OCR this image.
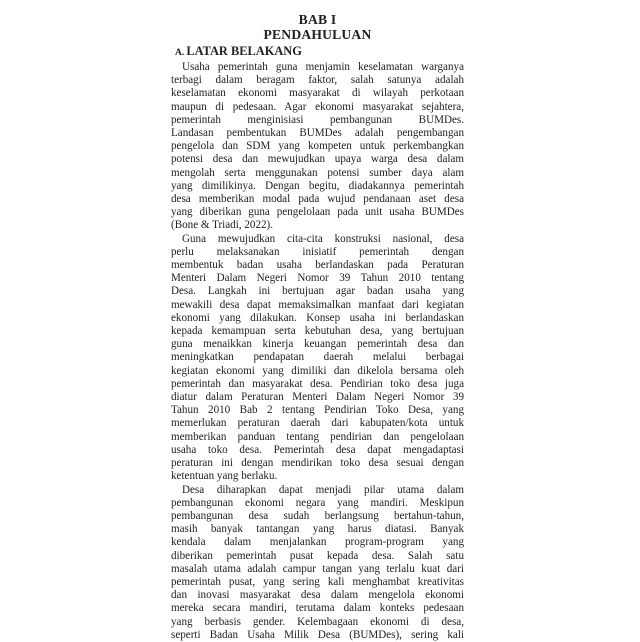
BAB I
PENDAHULUAN
A. LATAR BELAKANG
Usaha pemerintah guna menjamin keselamatan warganya
terbagi dalam beragam faktor, salah satunya adalah
keselamatan ekonomi masyarakat di wilayah perkotaan
maupun di pedesaan. Agar ekonomi masyarakat sejahtera,
pemerintah menginisiasi pembangunan BUMDes.
Landasan pembentukan BUMDes adalah pengembangan
pengelola dan SDM yang kompeten untuk perkembangkan
potensi desa dan mewujudkan upaya warga desa dalam
mengolah serta menggunakan potensi sumber daya alam
yang dimilikinya. Dengan begitu, diadakannya pemerintah
desa memberikan modal pada wujud pendanaan aset desa
yang diberikan guna pengelolaan pada unit usaha BUMDes
(Bone & Triadi, 2022).
Guna mewujudkan cita-cita konstruksi nasional, desa
perlu melaksanakan inisiatif pemerintah dengan
membentuk badan usaha berlandaskan pada Peraturan
Menteri Dalam Negeri Nomor 39 Tahun 2010 tentang
Desa. Langkah ini bertujuan agar badan usaha yang
mewakili desa dapat memaksimalkan manfaat dari kegiatan
ekonomi yang dilakukan. Konsep usaha ini berlandaskan
kepada kemampuan serta kebutuhan desa, yang bertujuan
guna menaikkan kinerja keuangan pemerintah desa dan
meningkatkan pendapatan daerah melalui berbagai
kegiatan ekonomi yang dimiliki dan dikelola bersama oleh
pemerintah dan masyarakat desa. Pendirian toko desa juga
diatur dalam Peraturan Menteri Dalam Negeri Nomor 39
Tahun 2010 Bab 2 tentang Pendirian Toko Desa, yang
memerlukan peraturan daerah dari kabupaten/kota untuk
memberikan panduan tentang pendirian dan pengelolaan
usaha toko desa. Pemerintah desa dapat mengadaptasi
peraturan ini dengan mendirikan toko desa sesuai dengan
ketentuan yang berlaku.
Desa diharapkan dapat menjadi pilar utama dalam
pembangunan ekonomi negara yang mandiri. Meskipun
pembangunan desa sudah berlangsung bertahun-tahun,
masih banyak tantangan yang harus diatasi. Banyak
kendala dalam menjalankan program-program yang
diberikan pemerintah pusat kepada desa. Salah satu
masalah utama adalah campur tangan yang terlalu kuat dari
pemerintah pusat, yang sering kali menghambat kreativitas
dan inovasi masyarakat desa dalam mengelola ekonomi
mereka secara mandiri, terutama dalam konteks pedesaan
yang berbasis gender. Kelembagaan ekonomi di desa,
seperti Badan Usaha Milik Desa (BUMDes), sering kali
